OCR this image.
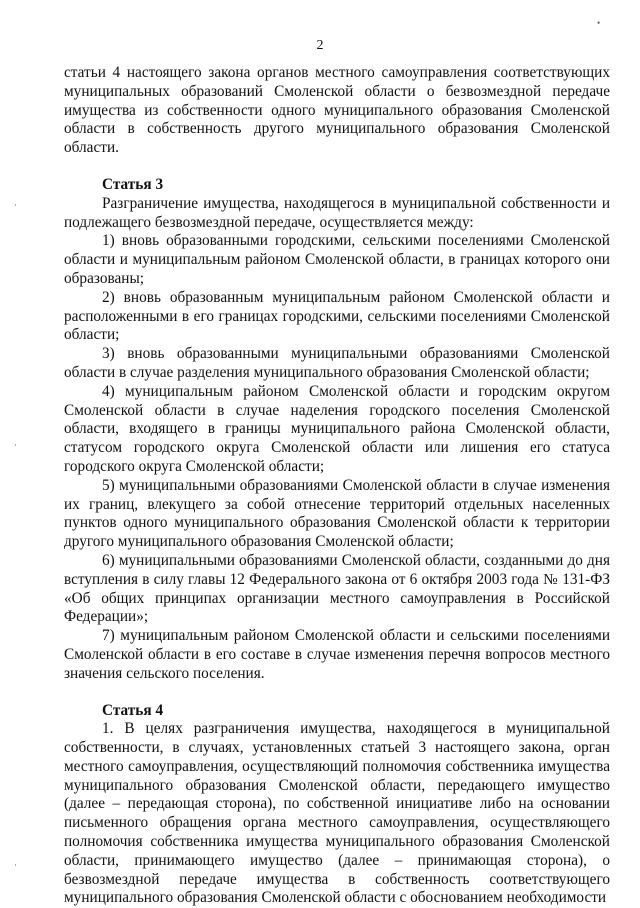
2
•
·
·
·

статьи 4 настоящего закона органов местного самоуправления соответствующих муниципальных образований Смоленской области о безвозмездной передаче имущества из собственности одного муниципального образования Смоленской области в собственность другого муниципального образования Смоленской области.

Статья 3

Разграничение имущества, находящегося в муниципальной собственности и подлежащего безвозмездной передаче, осуществляется между:

1) вновь образованными городскими, сельскими поселениями Смоленской области и муниципальным районом Смоленской области, в границах которого они образованы;

2) вновь образованным муниципальным районом Смоленской области и расположенными в его границах городскими, сельскими поселениями Смоленской области;

3) вновь образованными муниципальными образованиями Смоленской области в случае разделения муниципального образования Смоленской области;

4) муниципальным районом Смоленской области и городским округом Смоленской области в случае наделения городского поселения Смоленской области, входящего в границы муниципального района Смоленской области, статусом городского округа Смоленской области или лишения его статуса городского округа Смоленской области;

5) муниципальными образованиями Смоленской области в случае изменения их границ, влекущего за собой отнесение территорий отдельных населенных пунктов одного муниципального образования Смоленской области к территории другого муниципального образования Смоленской области;

6) муниципальными образованиями Смоленской области, созданными до дня вступления в силу главы 12 Федерального закона от 6 октября 2003 года № 131-ФЗ «Об общих принципах организации местного самоуправления в Российской Федерации»;

7) муниципальным районом Смоленской области и сельскими поселениями Смоленской области в его составе в случае изменения перечня вопросов местного значения сельского поселения.

Статья 4

1. В целях разграничения имущества, находящегося в муниципальной собственности, в случаях, установленных статьей 3 настоящего закона, орган местного самоуправления, осуществляющий полномочия собственника имущества муниципального образования Смоленской области, передающего имущество (далее – передающая сторона), по собственной инициативе либо на основании письменного обращения органа местного самоуправления, осуществляющего полномочия собственника имущества муниципального образования Смоленской области, принимающего имущество (далее – принимающая сторона), о безвозмездной передаче имущества в собственность соответствующего муниципального образования Смоленской области с обоснованием необходимости
